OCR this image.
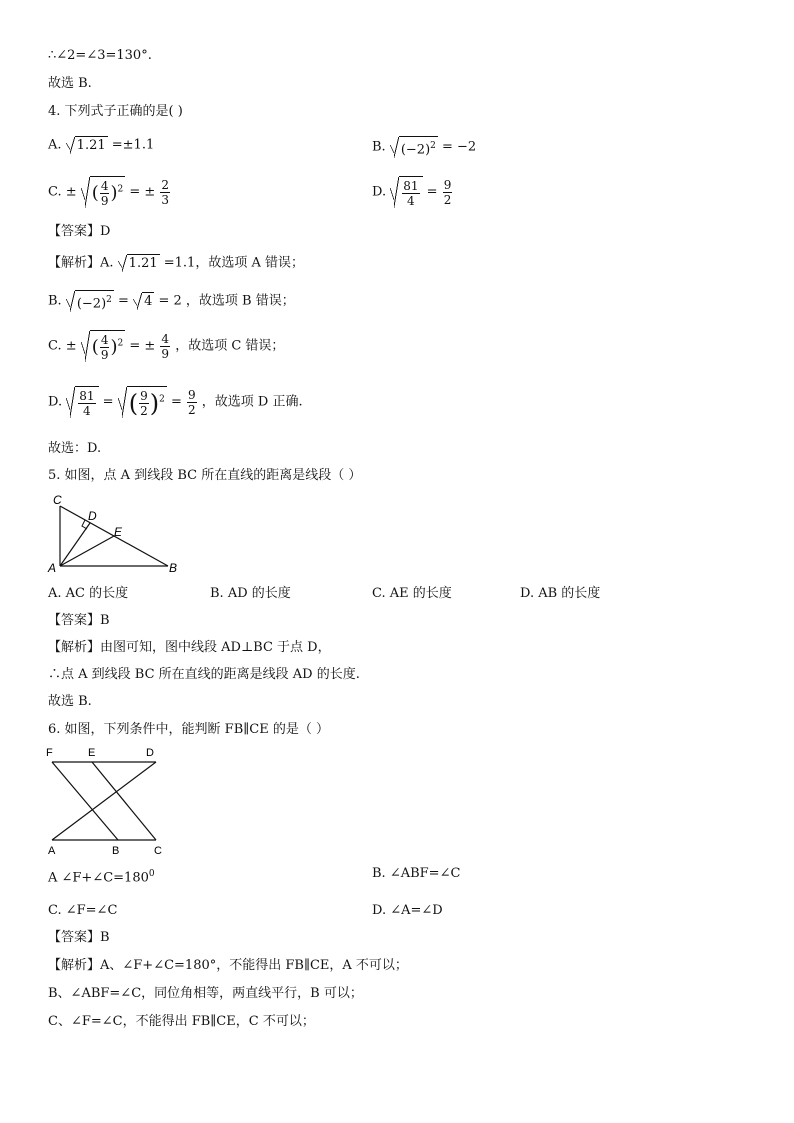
∴∠2=∠3=130°.
故选 B.
4. 下列式子正确的是( )
A. 1.21 =±1.1	B. $(-2)^2 = -2$
C. ± ( $\frac{4}{9} )^2$ = ± $\frac{2}{3}$	D. $\frac{81}{4} = \frac{9}{2}$
【答案】D
【解析】A. 1.21 =1.1，故选项 A 错误；
B. $(-2)^2 = 4 = 2$ ，故选项 B 错误；
C. ± ( $\frac{4}{9} )^2$ = ± $\frac{4}{9}$ ，故选项 C 错误；
D. $\frac{81}{4}$ = ( $\frac{9}{2} )^2 = \frac{9}{2}$ ，故选项 D 正确.
故选：D.
5. 如图，点 A 到线段 BC 所在直线的距离是线段（ ）
C
D
E
A	B
A. AC 的长度	B. AD 的长度	C. AE 的长度	D. AB 的长度
【答案】B
【解析】由图可知，图中线段 AD⊥BC 于点 D，
∴点 A 到线段 BC 所在直线的距离是线段 AD 的长度.
故选 B.
6. 如图，下列条件中，能判断 FB∥CE 的是（ ）
F	E	D
A	B	C
A $\angle F+\angle C=180^0$	B. ∠ABF=∠C
C. ∠F=∠C	D. ∠A=∠D
【答案】B
【解析】A、∠F+∠C=180°，不能得出 FB∥CE，A 不可以；
B、∠ABF=∠C，同位角相等，两直线平行，B 可以；
C、∠F=∠C，不能得出 FB∥CE，C 不可以；
